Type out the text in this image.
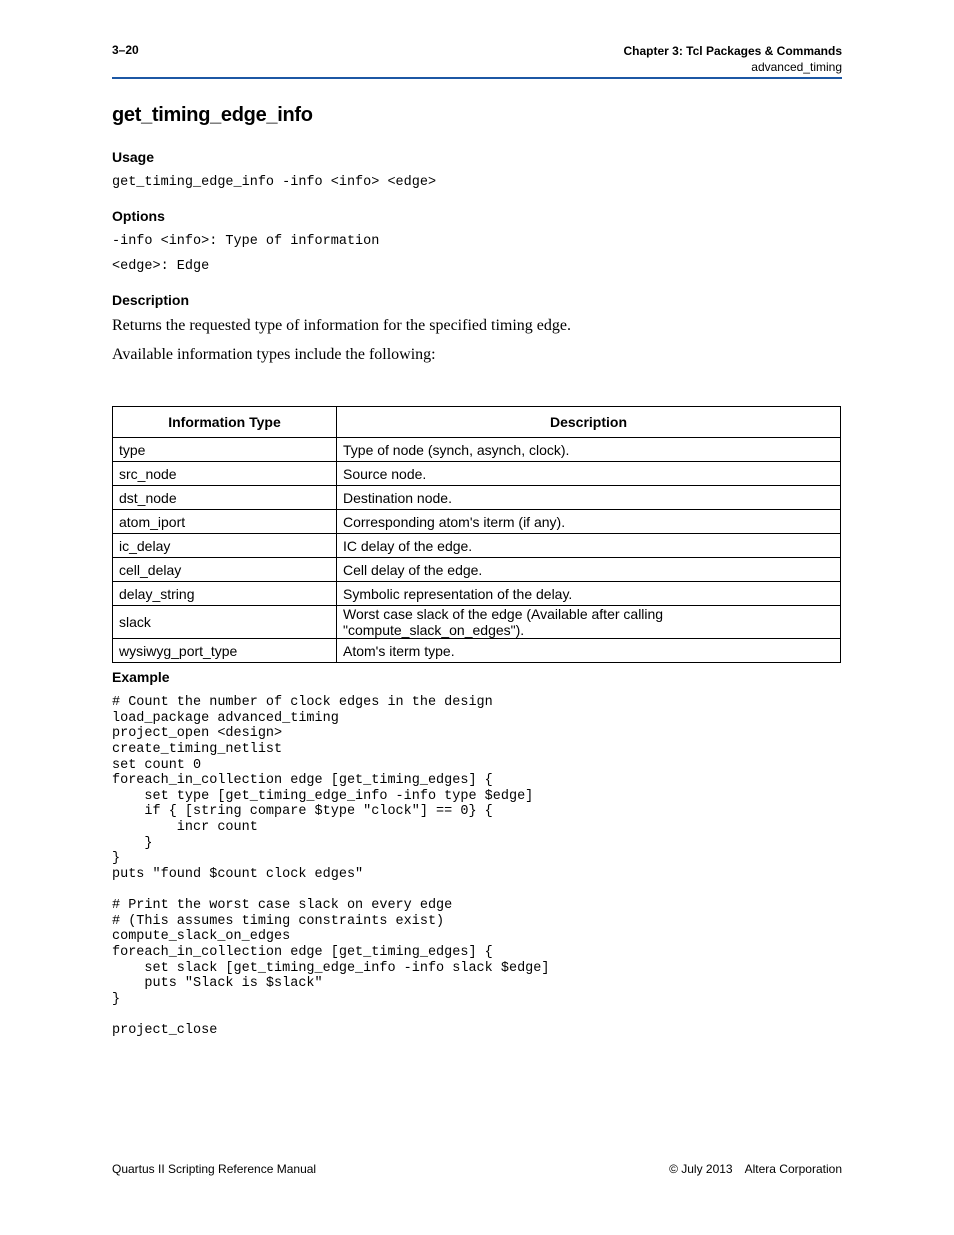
3–20	Chapter 3: Tcl Packages & Commands
advanced_timing
get_timing_edge_info
Usage
get_timing_edge_info -info <info> <edge>
Options
-info <info>: Type of information
<edge>: Edge
Description
Returns the requested type of information for the specified timing edge.
Available information types include the following:
Information Type	Description
type	Type of node (synch, asynch, clock).
src_node	Source node.
dst_node	Destination node.
atom_iport	Corresponding atom's iterm (if any).
ic_delay	IC delay of the edge.
cell_delay	Cell delay of the edge.
delay_string	Symbolic representation of the delay.
slack	Worst case slack of the edge (Available after calling "compute_slack_on_edges").
wysiwyg_port_type	Atom's iterm type.
Example
# Count the number of clock edges in the design
load_package advanced_timing
project_open <design>
create_timing_netlist
set count 0
foreach_in_collection edge [get_timing_edges] {
set type [get_timing_edge_info -info type $edge]
if { [string compare $type "clock"] == 0} {
incr count
}
}
puts "found $count clock edges"

# Print the worst case slack on every edge
# (This assumes timing constraints exist)
compute_slack_on_edges
foreach_in_collection edge [get_timing_edges] {
set slack [get_timing_edge_info -info slack $edge]
puts "Slack is $slack"
}

project_close
Quartus II Scripting Reference Manual	© July 2013 Altera Corporation
